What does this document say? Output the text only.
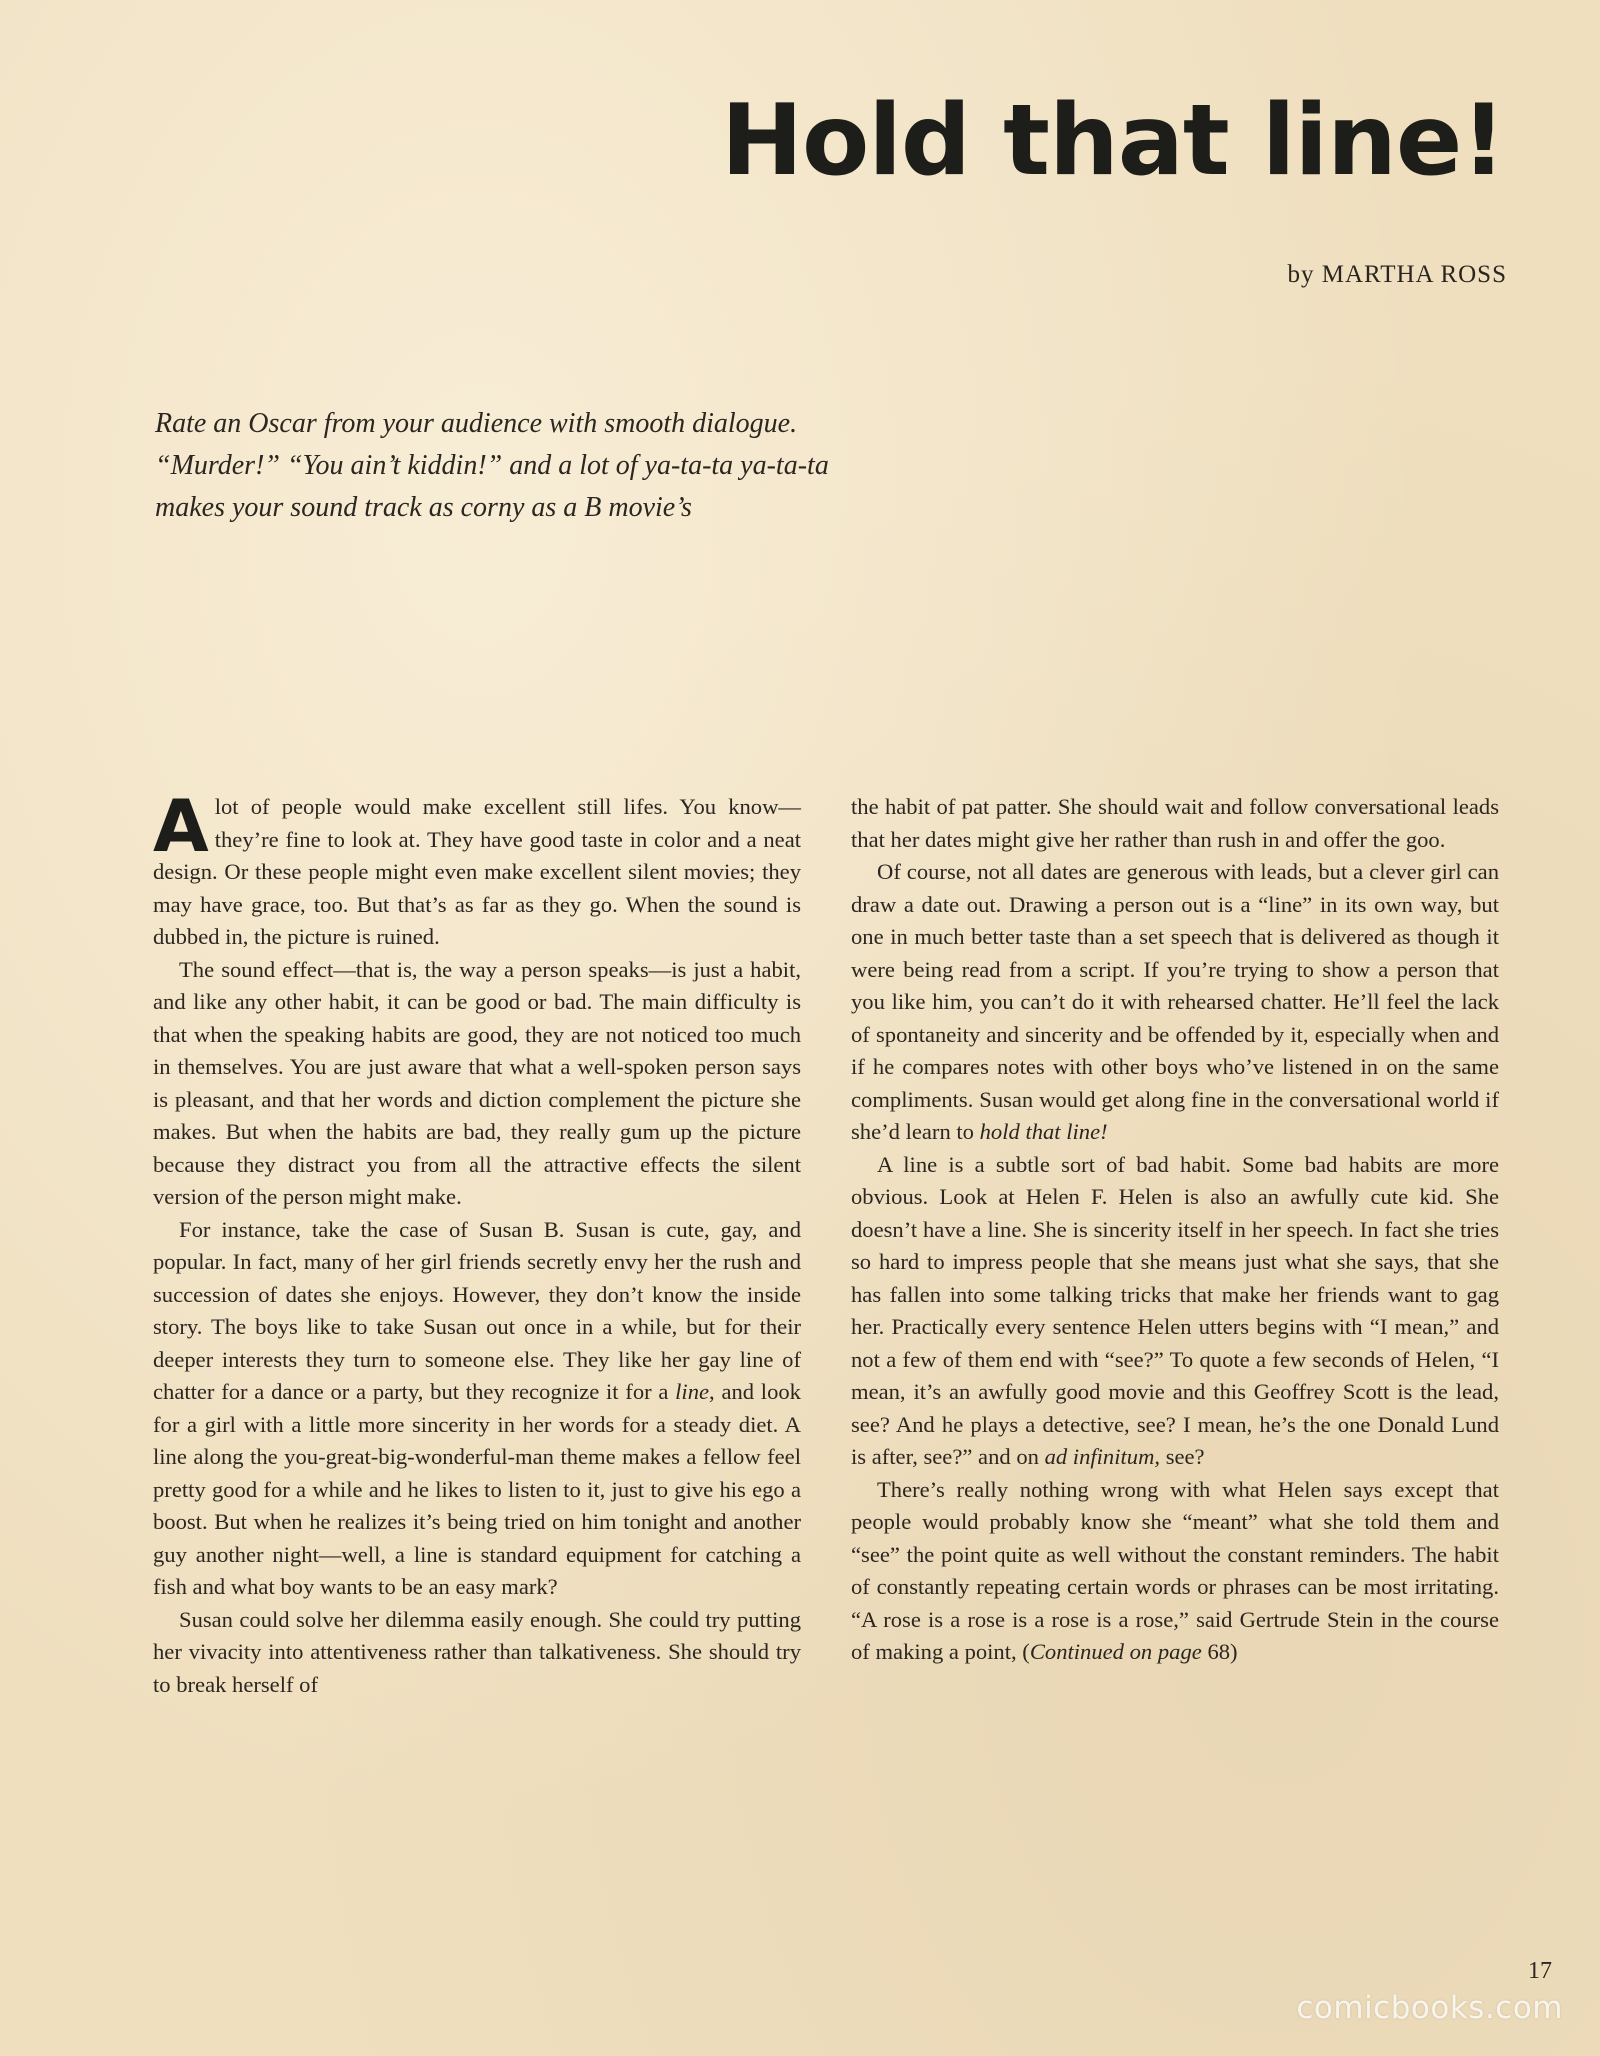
Hold that line!
by MARTHA ROSS
Rate an Oscar from your audience with smooth dialogue.
“Murder!” “You ain’t kiddin!” and a lot of ya-ta-ta ya-ta-ta
makes your sound track as corny as a B movie’s

Alot of people would make excellent still lifes. You know—they’re fine to look at. They have good taste in color and a neat design. Or these people might even make excellent silent movies; they may have grace, too. But that’s as far as they go. When the sound is dubbed in, the picture is ruined.

The sound effect—that is, the way a person speaks—is just a habit, and like any other habit, it can be good or bad. The main difficulty is that when the speaking habits are good, they are not noticed too much in themselves. You are just aware that what a well-spoken person says is pleasant, and that her words and diction complement the picture she makes. But when the habits are bad, they really gum up the picture because they distract you from all the attractive effects the silent version of the person might make.

For instance, take the case of Susan B. Susan is cute, gay, and popular. In fact, many of her girl friends secretly envy her the rush and succession of dates she enjoys. However, they don’t know the inside story. The boys like to take Susan out once in a while, but for their deeper interests they turn to someone else. They like her gay line of chatter for a dance or a party, but they recognize it for a line, and look for a girl with a little more sincerity in her words for a steady diet. A line along the you-great-big-wonderful-man theme makes a fellow feel pretty good for a while and he likes to listen to it, just to give his ego a boost. But when he realizes it’s being tried on him tonight and another guy another night—well, a line is standard equipment for catching a fish and what boy wants to be an easy mark?

Susan could solve her dilemma easily enough. She could try putting her vivacity into attentiveness rather than talkativeness. She should try to break herself of

the habit of pat patter. She should wait and follow conversational leads that her dates might give her rather than rush in and offer the goo.

Of course, not all dates are generous with leads, but a clever girl can draw a date out. Drawing a person out is a “line” in its own way, but one in much better taste than a set speech that is delivered as though it were being read from a script. If you’re trying to show a person that you like him, you can’t do it with rehearsed chatter. He’ll feel the lack of spontaneity and sincerity and be offended by it, especially when and if he compares notes with other boys who’ve listened in on the same compliments. Susan would get along fine in the conversational world if she’d learn to hold that line!

A line is a subtle sort of bad habit. Some bad habits are more obvious. Look at Helen F. Helen is also an awfully cute kid. She doesn’t have a line. She is sincerity itself in her speech. In fact she tries so hard to impress people that she means just what she says, that she has fallen into some talking tricks that make her friends want to gag her. Practically every sentence Helen utters begins with “I mean,” and not a few of them end with “see?” To quote a few seconds of Helen, “I mean, it’s an awfully good movie and this Geoffrey Scott is the lead, see? And he plays a detective, see? I mean, he’s the one Donald Lund is after, see?” and on ad infinitum, see?

There’s really nothing wrong with what Helen says except that people would probably know she “meant” what she told them and “see” the point quite as well without the constant reminders. The habit of constantly repeating certain words or phrases can be most irritating. “A rose is a rose is a rose is a rose,” said Gertrude Stein in the course of making a point, (Continued on page 68)

17
comicbooks.com
